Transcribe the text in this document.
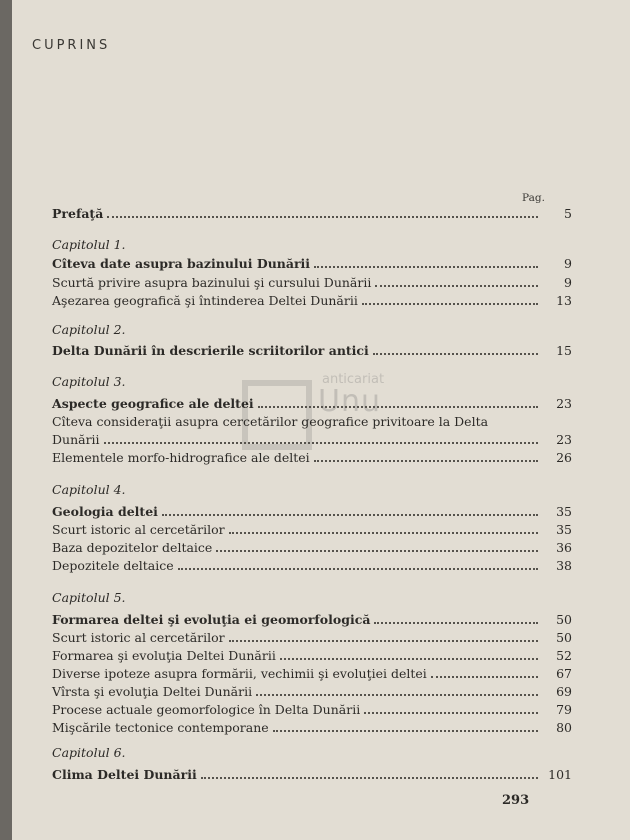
CUPRINS
Pag.
anticariat
Unu
Prefaţă	5
Capitolul 1.
Cîteva date asupra bazinului Dunării	9
Scurtă privire asupra bazinului şi cursului Dunării	9
Aşezarea geografică şi întinderea Deltei Dunării	13
Capitolul 2.
Delta Dunării în descrierile scriitorilor antici	15
Capitolul 3.
Aspecte geografice ale deltei	23
Cîteva consideraţii asupra cercetărilor geografice privitoare la Delta
Dunării	23
Elementele morfo-hidrografice ale deltei	26
Capitolul 4.
Geologia deltei	35
Scurt istoric al cercetărilor	35
Baza depozitelor deltaice	36
Depozitele deltaice	38
Capitolul 5.
Formarea deltei şi evoluţia ei geomorfologică	50
Scurt istoric al cercetărilor	50
Formarea şi evoluţia Deltei Dunării	52
Diverse ipoteze asupra formării, vechimii şi evoluţiei deltei	67
Vîrsta şi evoluţia Deltei Dunării	69
Procese actuale geomorfologice în Delta Dunării	79
Mişcările tectonice contemporane	80
Capitolul 6.
Clima Deltei Dunării	101
293
